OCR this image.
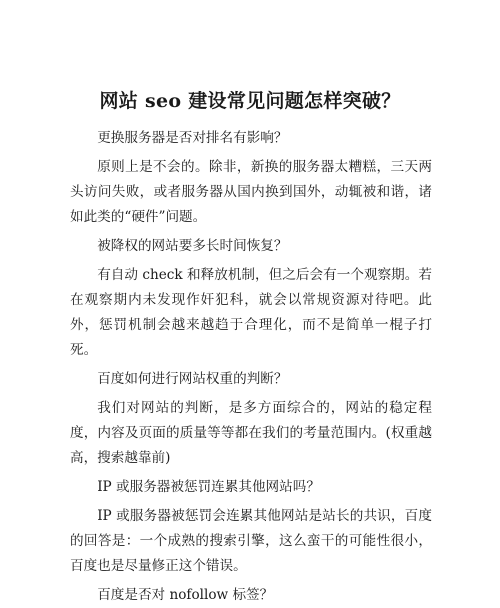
网站 seo 建设常见问题怎样突破？

更换服务器是否对排名有影响？

原则上是不会的。除非，新换的服务器太糟糕，三天两头访问失败，或者服务器从国内换到国外，动辄被和谐，诸如此类的“硬件”问题。

被降权的网站要多长时间恢复？

有自动 check 和释放机制，但之后会有一个观察期。若在观察期内未发现作奸犯科，就会以常规资源对待吧。此外，惩罚机制会越来越趋于合理化，而不是简单一棍子打死。

百度如何进行网站权重的判断？

我们对网站的判断，是多方面综合的，网站的稳定程度，内容及页面的质量等等都在我们的考量范围内。(权重越高，搜索越靠前)

IP 或服务器被惩罚连累其他网站吗？

IP 或服务器被惩罚会连累其他网站是站长的共识，百度的回答是：一个成熟的搜索引擎，这么蛮干的可能性很小，百度也是尽量修正这个错误。

百度是否对 nofollow 标签？
